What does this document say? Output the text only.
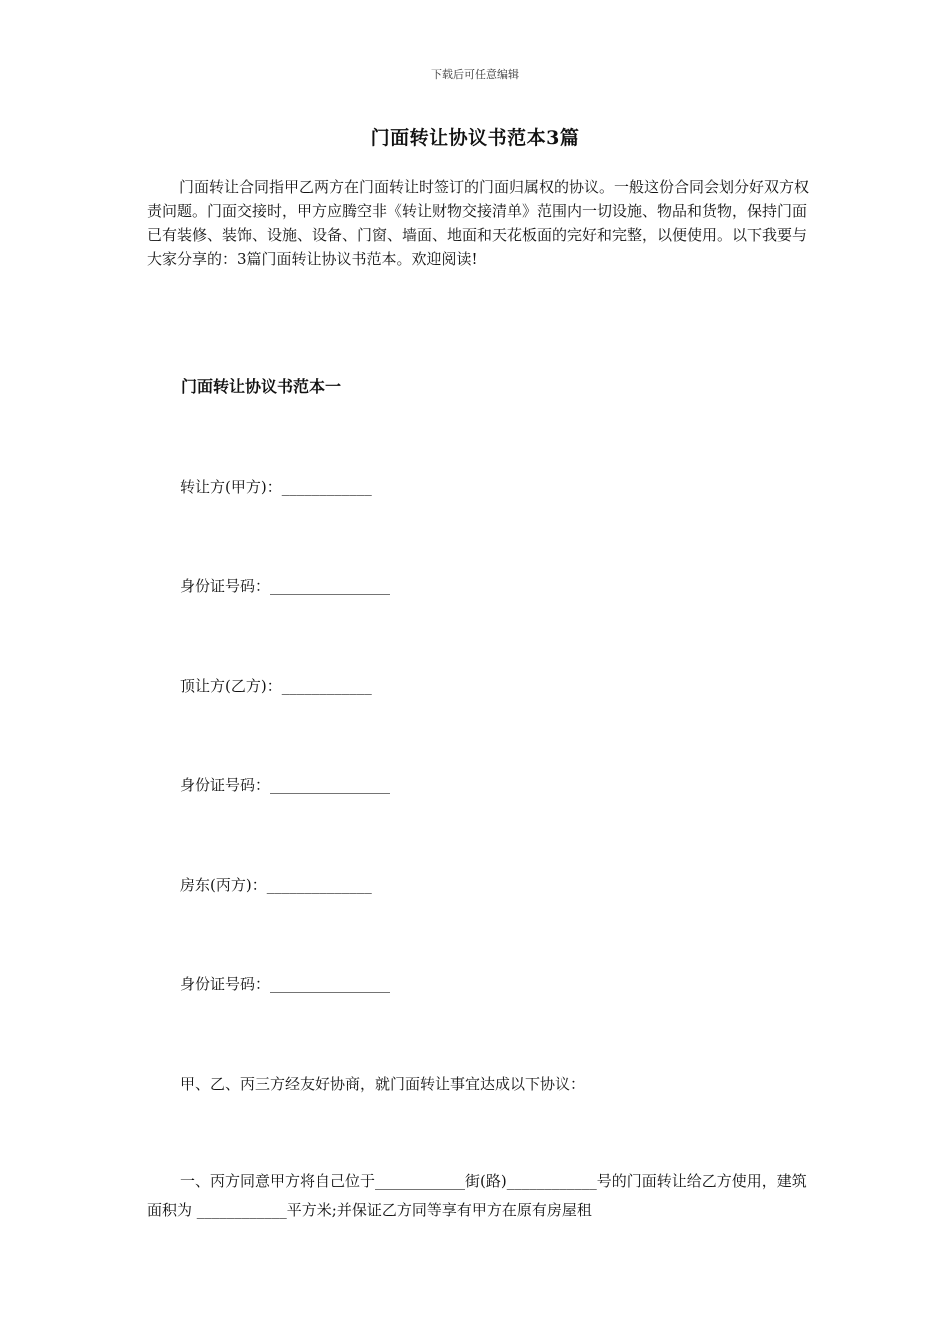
下载后可任意编辑
门面转让协议书范本3篇

门面转让合同指甲乙两方在门面转让时签订的门面归属权的协议。一般这份合同会划分好双方权责问题。门面交接时，甲方应腾空非《转让财物交接清单》范围内一切设施、物品和货物，保持门面已有装修、装饰、设施、设备、门窗、墙面、地面和天花板面的完好和完整，以便使用。以下我要与大家分享的：3篇门面转让协议书范本。欢迎阅读!

门面转让协议书范本一
转让方(甲方)：____________
身份证号码：________________
顶让方(乙方)：____________
身份证号码：________________
房东(丙方)：______________
身份证号码：________________
甲、乙、丙三方经友好协商，就门面转让事宜达成以下协议：

一、丙方同意甲方将自己位于____________街(路)____________号的门面转让给乙方使用，建筑面积为 ____________平方米;并保证乙方同等享有甲方在原有房屋租
